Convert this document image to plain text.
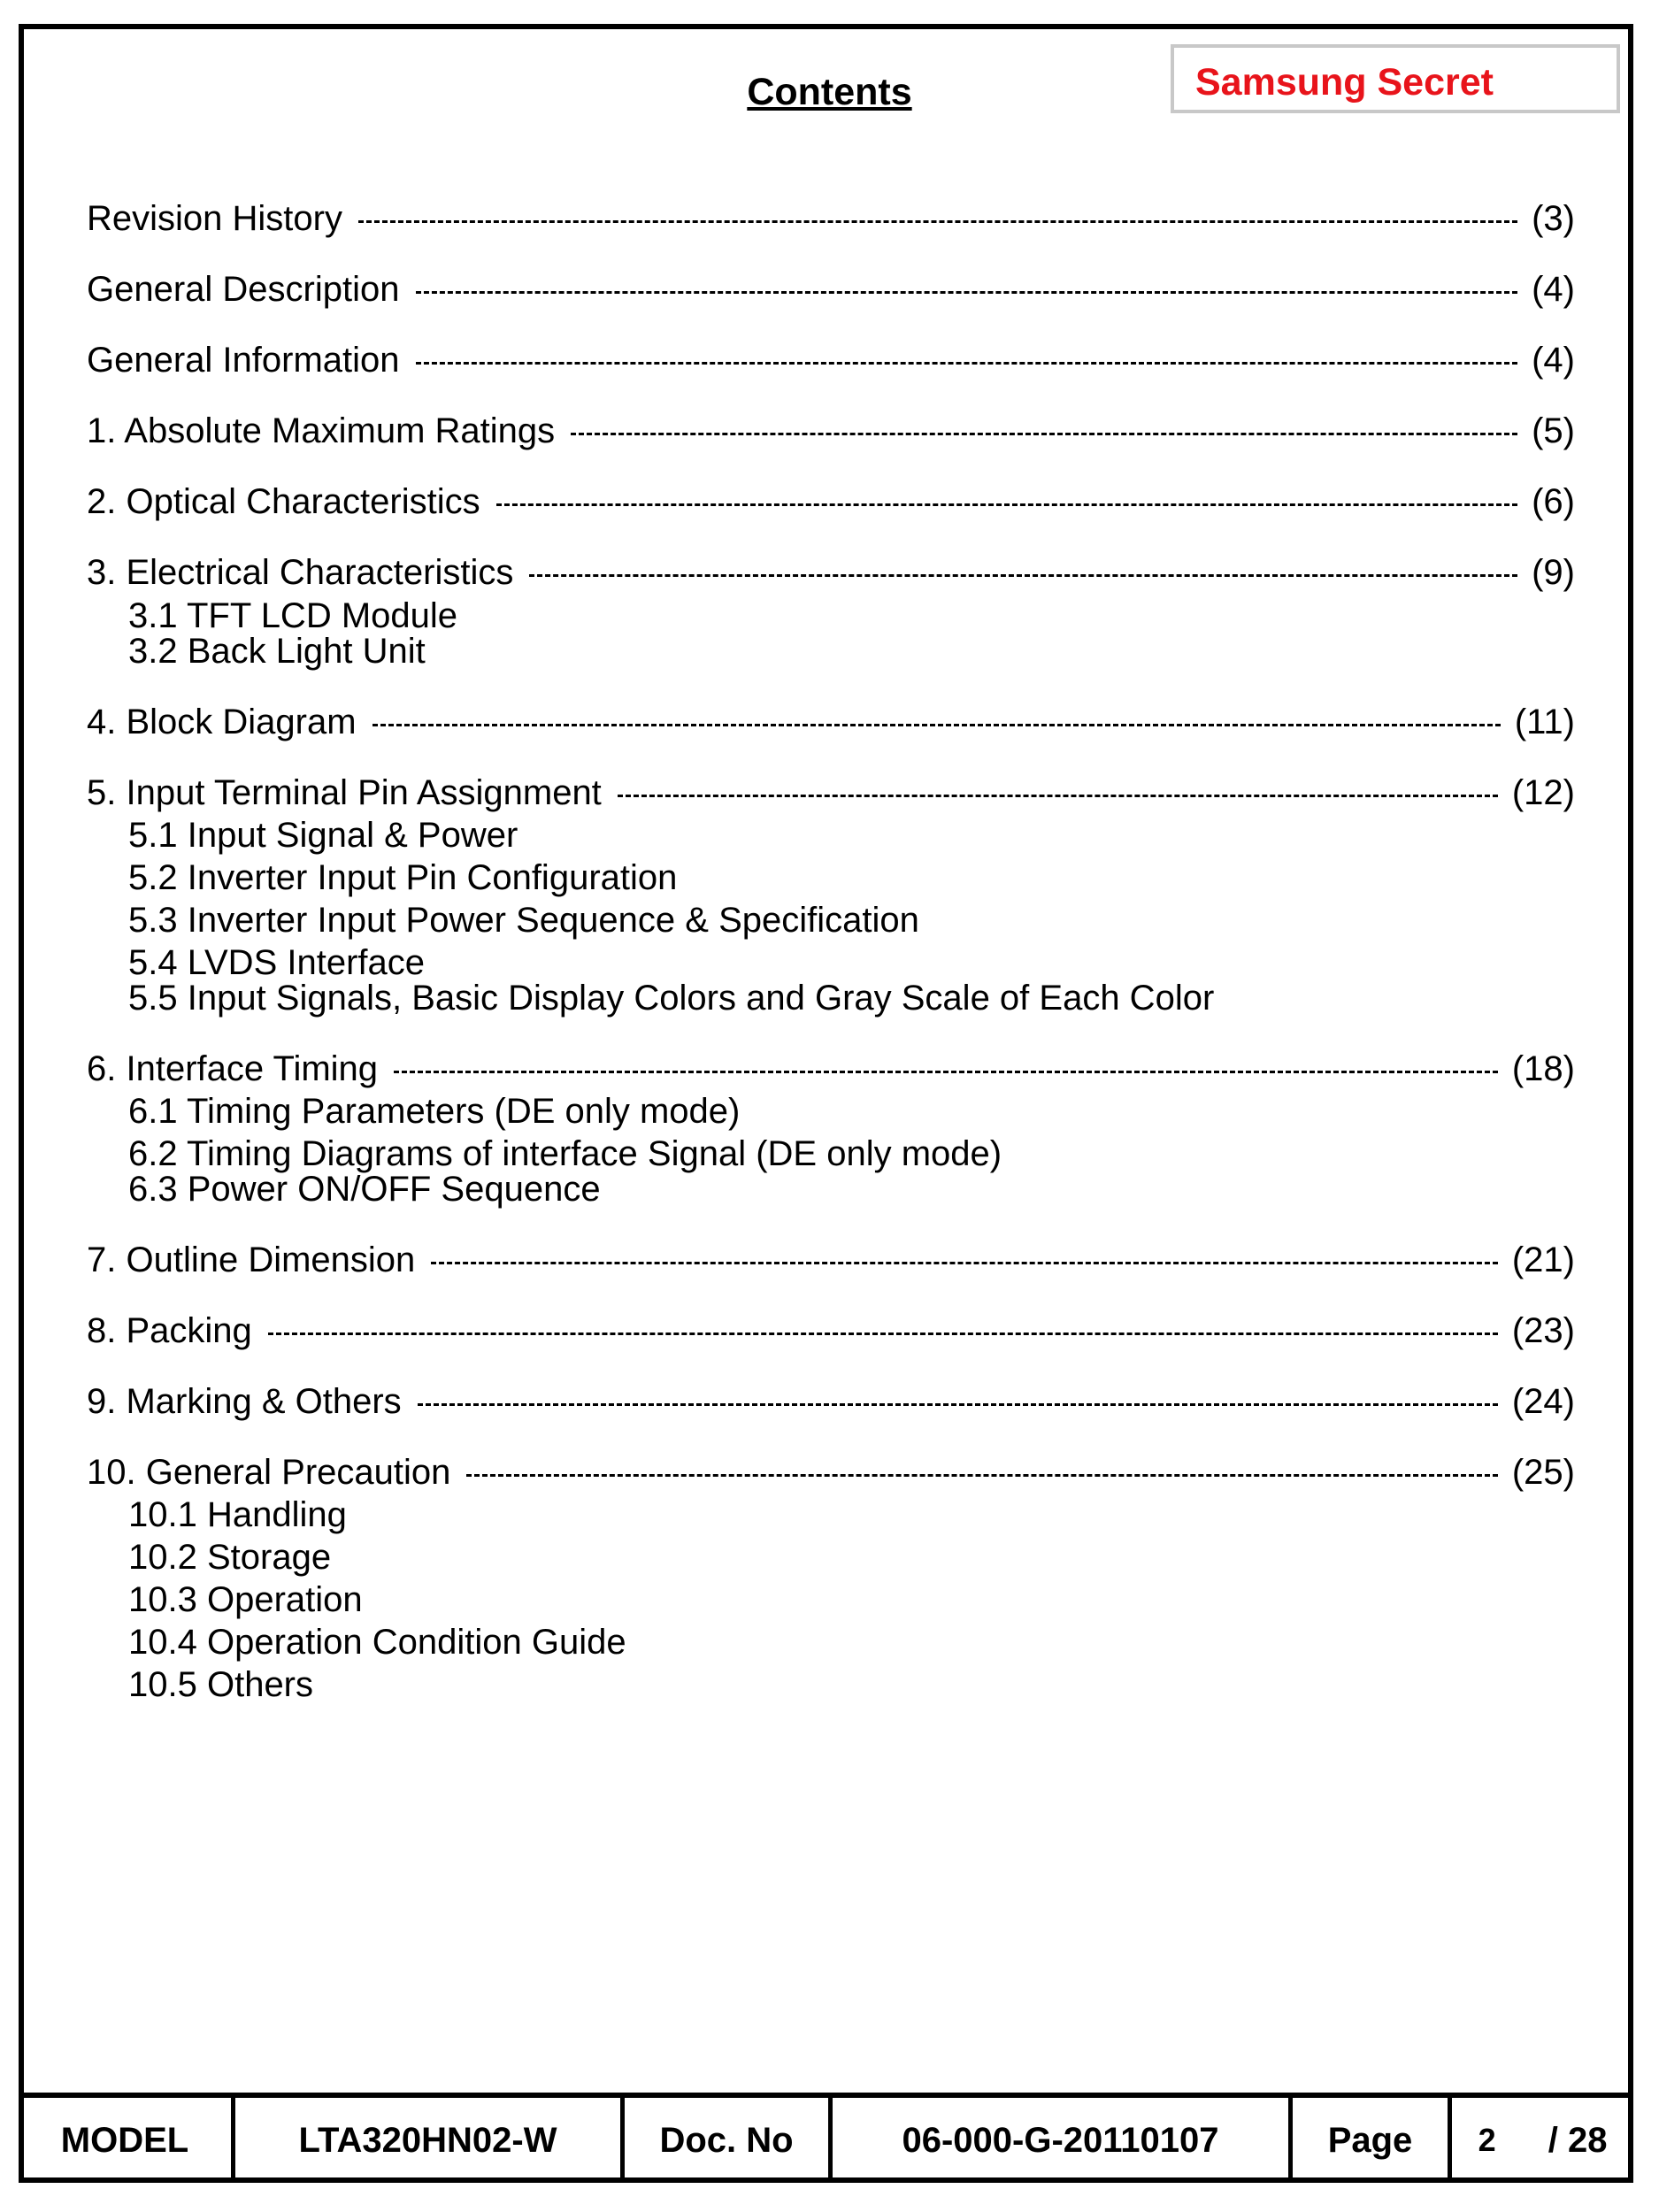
Contents	Samsung Secret
Revision History	(3)
General Description	(4)
General Information	(4)
1. Absolute Maximum Ratings	(5)
2. Optical Characteristics	(6)
3. Electrical Characteristics	(9)
3.1 TFT LCD Module
3.2 Back Light Unit
4. Block Diagram	(11)
5. Input Terminal Pin Assignment	(12)
5.1 Input Signal & Power
5.2 Inverter Input Pin Configuration
5.3 Inverter Input Power Sequence & Specification
5.4 LVDS Interface
5.5 Input Signals, Basic Display Colors and Gray Scale of Each Color
6. Interface Timing	(18)
6.1 Timing Parameters (DE only mode)
6.2 Timing Diagrams of interface Signal (DE only mode)
6.3 Power ON/OFF Sequence
7. Outline Dimension	(21)
8. Packing	(23)
9. Marking & Others	(24)
10. General Precaution	(25)
10.1 Handling
10.2 Storage
10.3 Operation
10.4 Operation Condition Guide
10.5 Others
MODEL	LTA320HN02-W	Doc. No	06-000-G-20110107	Page	2 / 28
